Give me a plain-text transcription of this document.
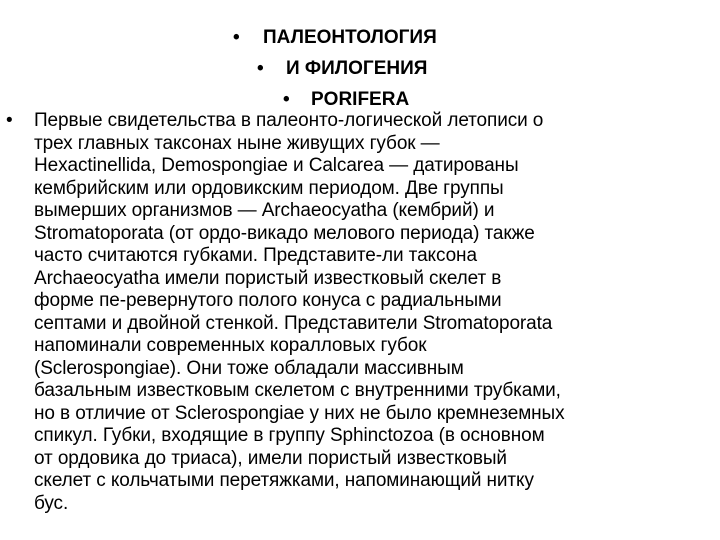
• ПАЛЕОНТОЛОГИЯ
• И ФИЛОГЕНИЯ
• PORIFERA
• Первые свидетельства в палеонто-логической летописи о
трех главных таксонах ныне живущих губок —
Hexactinellida, Demospongiae и Calcarea — датированы
кембрийским или ордовикским периодом. Две группы
вымерших организмов — Archaeocyatha (кембрий) и
Stromatoporata (от ордо-викадо мелового периода) также
часто считаются губками. Представите-ли таксона
Archaeocyatha имели пористый известковый скелет в
форме пе-ревернутого полого конуса с радиальными
септами и двойной стенкой. Представители Stromatoporata
напоминали современных коралловых губок
(Sclerospongiae). Они тоже обладали массивным
базальным известковым скелетом с внутренними трубками,
но в отличие от Sclerospongiae у них не было кремнеземных
спикул. Губки, входящие в группу Sphinctozoa (в основном
от ордовика до триаса), имели пористый известковый
скелет с кольчатыми перетяжками, напоминающий нитку
бус.
